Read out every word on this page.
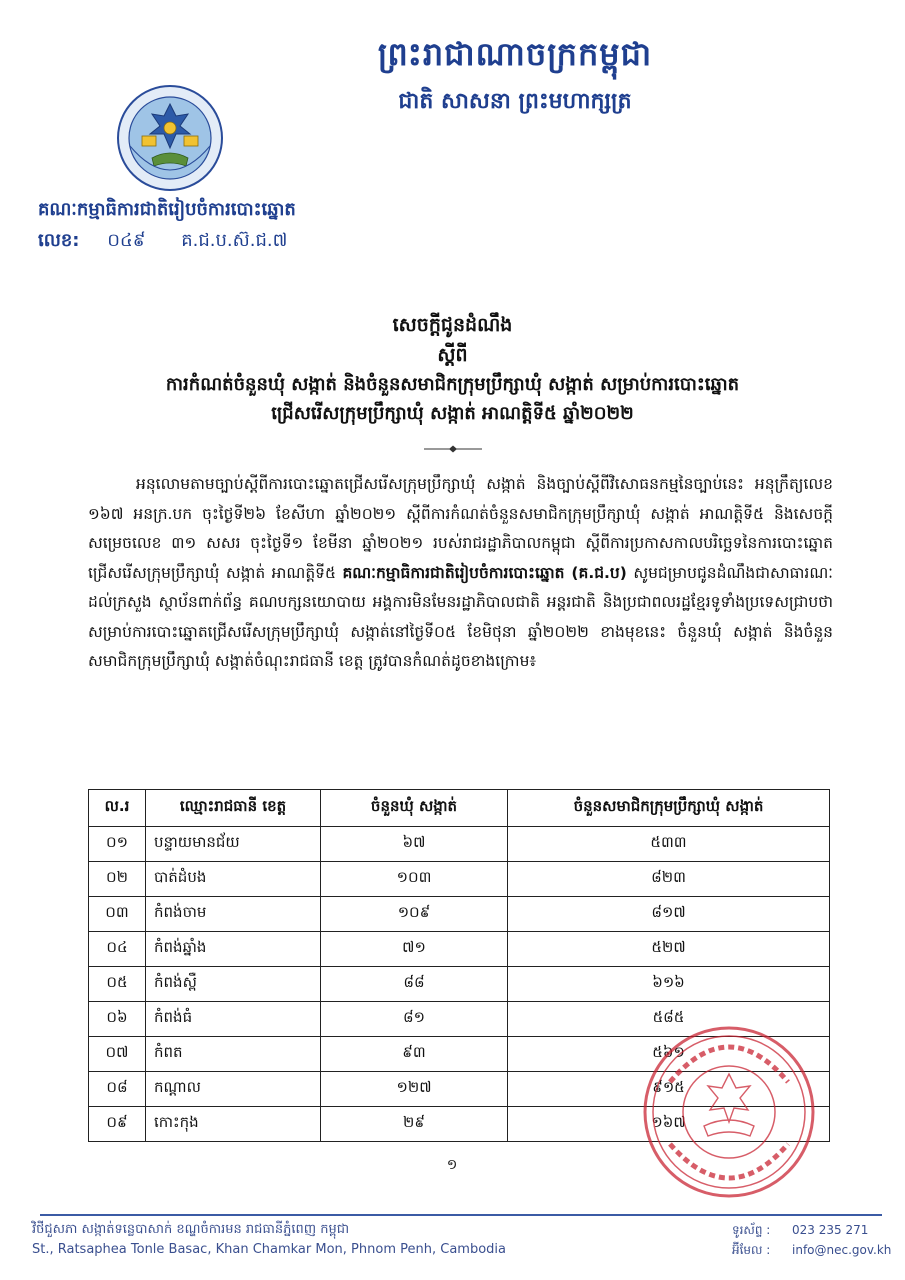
ព្រះរាជាណាចក្រកម្ពុជា
ជាតិ សាសនា ព្រះមហាក្សត្រ
គណៈកម្មាធិការជាតិរៀបចំការបោះឆ្នោត
លេខ: ០៤៩ គ.ជ.ប.ស៊.ជ.៧
សេចក្ដីជូនដំណឹង
ស្ដីពី
ការកំណត់ចំនួនឃុំ សង្កាត់ និងចំនួនសមាជិកក្រុមប្រឹក្សាឃុំ សង្កាត់ សម្រាប់ការបោះឆ្នោត
ជ្រើសរើសក្រុមប្រឹក្សាឃុំ សង្កាត់ អាណត្តិទី៥ ឆ្នាំ២០២២

អនុលោមតាមច្បាប់ស្ដីពីការបោះឆ្នោតជ្រើសរើសក្រុមប្រឹក្សាឃុំ សង្កាត់ និងច្បាប់ស្ដីពីវិសោធនកម្មនៃច្បាប់នេះ អនុក្រឹត្យលេខ ១៦៧ អនក្រ.បក ចុះថ្ងៃទី២៦ ខែសីហា ឆ្នាំ២០២១ ស្ដីពីការកំណត់ចំនួនសមាជិកក្រុមប្រឹក្សាឃុំ សង្កាត់ អាណត្តិទី៥ និងសេចក្ដីសម្រេចលេខ ៣១ សសរ ចុះថ្ងៃទី១ ខែមីនា ឆ្នាំ២០២១ របស់រាជរដ្ឋាភិបាលកម្ពុជា ស្ដីពីការប្រកាសកាលបរិច្ឆេទនៃការបោះឆ្នោតជ្រើសរើសក្រុមប្រឹក្សាឃុំ សង្កាត់ អាណត្តិទី៥ គណៈកម្មាធិការជាតិរៀបចំការបោះឆ្នោត (គ.ជ.ប) សូមជម្រាបជូនដំណឹងជាសាធារណៈ ដល់ក្រសួង ស្ថាប័នពាក់ព័ន្ធ គណបក្សនយោបាយ អង្គការមិនមែនរដ្ឋាភិបាលជាតិ អន្តរជាតិ និងប្រជាពលរដ្ឋខ្មែរទូទាំងប្រទេសជ្រាបថា សម្រាប់ការបោះឆ្នោតជ្រើសរើសក្រុមប្រឹក្សាឃុំ សង្កាត់នៅថ្ងៃទី០៥ ខែមិថុនា ឆ្នាំ២០២២ ខាងមុខនេះ ចំនួនឃុំ សង្កាត់ និងចំនួនសមាជិកក្រុមប្រឹក្សាឃុំ សង្កាត់ចំណុះរាជធានី ខេត្ត ត្រូវបានកំណត់ដូចខាងក្រោម៖

ល.រ	ឈ្មោះរាជធានី ខេត្ត	ចំនួនឃុំ សង្កាត់	ចំនួនសមាជិកក្រុមប្រឹក្សាឃុំ សង្កាត់
០១	បន្ទាយមានជ័យ	៦៧	៥៣៣
០២	បាត់ដំបង	១០៣	៨២៣
០៣	កំពង់ចាម	១០៩	៨១៧
០៤	កំពង់ឆ្នាំង	៧១	៥២៧
០៥	កំពង់ស្ពឺ	៨៨	៦១៦
០៦	កំពង់ធំ	៨១	៥៨៥
០៧	កំពត	៩៣	៥៦១
០៨	កណ្ដាល	១២៧	៩១៥
០៩	កោះកុង	២៩	១៦៧
១
វិថីជួសភា សង្កាត់ទន្លេបាសាក់ ខណ្ឌចំការមន រាជធានីភ្នំពេញ កម្ពុជា
St., Ratsaphea Tonle Basac, Khan Chamkar Mon, Phnom Penh, Cambodia
ទូរស័ព្ទ : 023 235 271
អ៊ីមែល : info@nec.gov.kh
